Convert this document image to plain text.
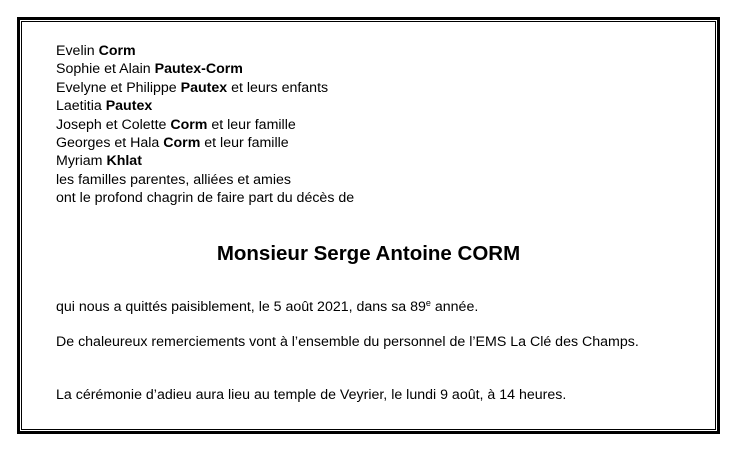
Evelin Corm
Sophie et Alain Pautex-Corm
Evelyne et Philippe Pautex et leurs enfants
Laetitia Pautex
Joseph et Colette Corm et leur famille
Georges et Hala Corm et leur famille
Myriam Khlat
les familles parentes, alliées et amies
ont le profond chagrin de faire part du décès de
Monsieur Serge Antoine CORM
qui nous a quittés paisiblement, le 5 août 2021, dans sa 89e année.
De chaleureux remerciements vont à l’ensemble du personnel de l’EMS La Clé des Champs.
La cérémonie d’adieu aura lieu au temple de Veyrier, le lundi 9 août, à 14 heures.
